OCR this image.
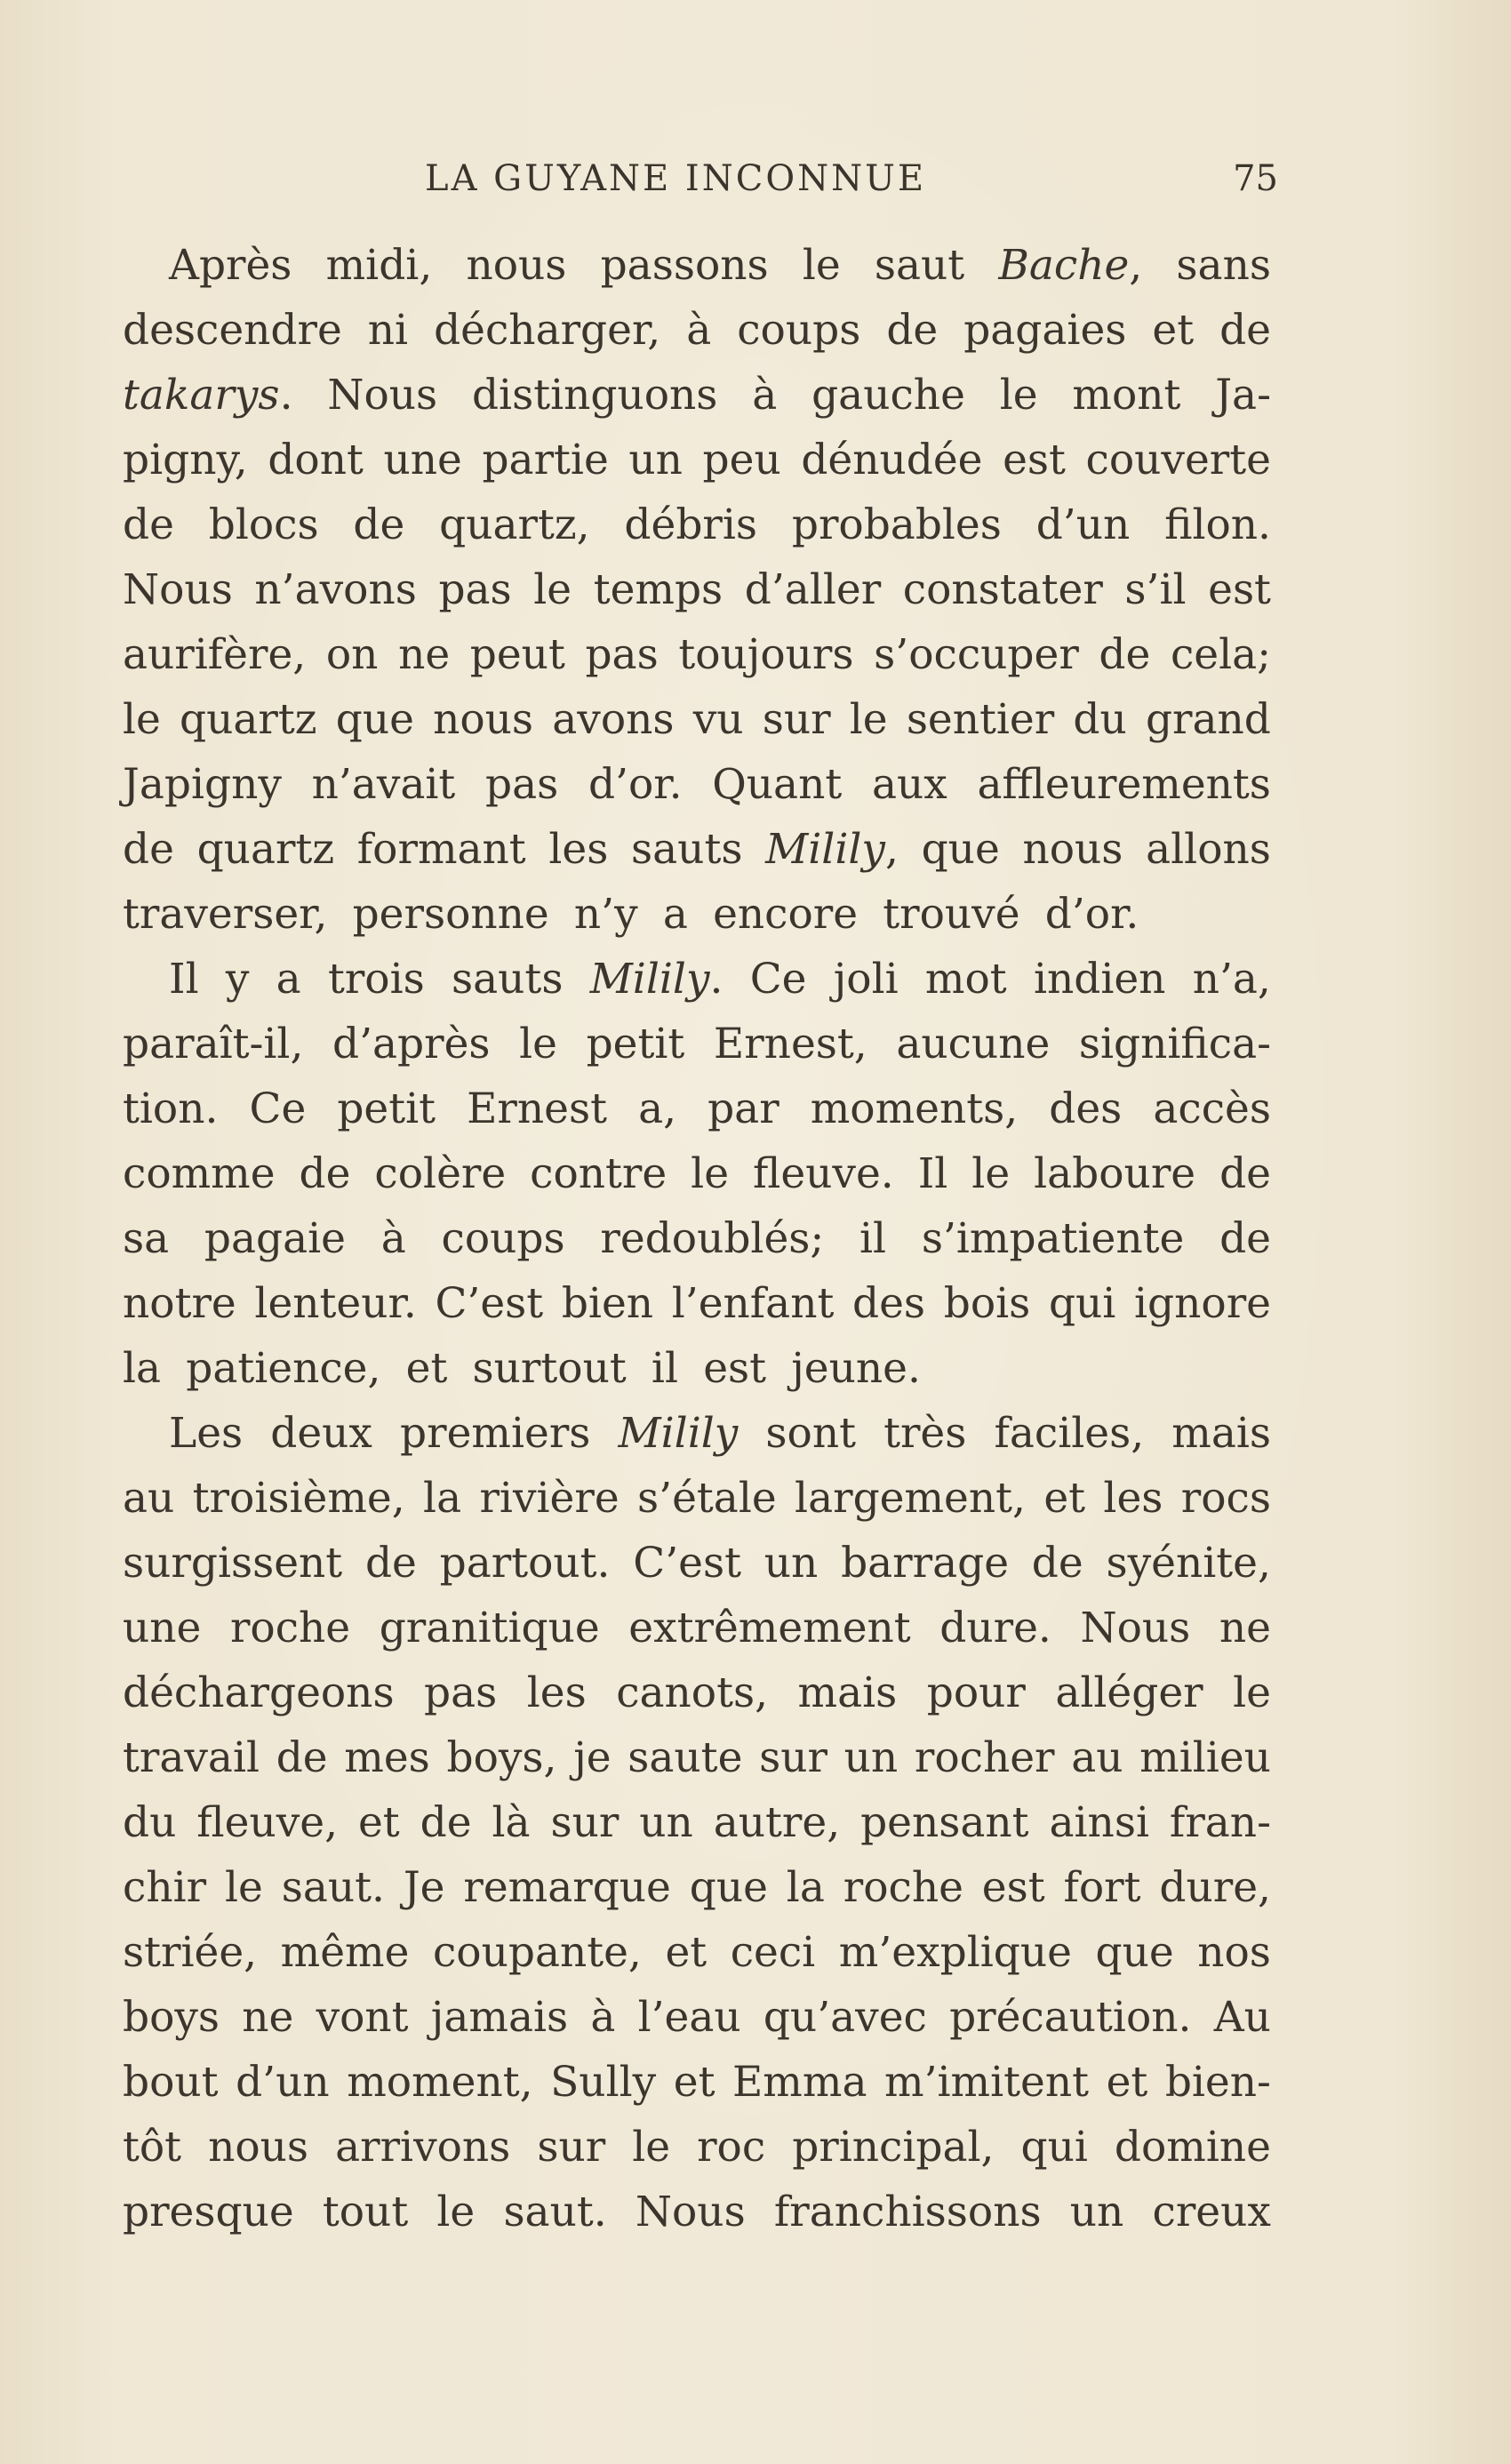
LA GUYANE INCONNUE	75
Après midi, nous passons le saut Bache, sans
descendre ni décharger, à coups de pagaies et de
takarys. Nous distinguons à gauche le mont Ja-
pigny, dont une partie un peu dénudée est couverte
de blocs de quartz, débris probables d’un filon.
Nous n’avons pas le temps d’aller constater s’il est
aurifère, on ne peut pas toujours s’occuper de cela;
le quartz que nous avons vu sur le sentier du grand
Japigny n’avait pas d’or. Quant aux affleurements
de quartz formant les sauts Milily, que nous allons
traverser, personne n’y a encore trouvé d’or.
Il y a trois sauts Milily. Ce joli mot indien n’a,
paraît-il, d’après le petit Ernest, aucune significa-
tion. Ce petit Ernest a, par moments, des accès
comme de colère contre le fleuve. Il le laboure de
sa pagaie à coups redoublés; il s’impatiente de
notre lenteur. C’est bien l’enfant des bois qui ignore
la patience, et surtout il est jeune.
Les deux premiers Milily sont très faciles, mais
au troisième, la rivière s’étale largement, et les rocs
surgissent de partout. C’est un barrage de syénite,
une roche granitique extrêmement dure. Nous ne
déchargeons pas les canots, mais pour alléger le
travail de mes boys, je saute sur un rocher au milieu
du fleuve, et de là sur un autre, pensant ainsi fran-
chir le saut. Je remarque que la roche est fort dure,
striée, même coupante, et ceci m’explique que nos
boys ne vont jamais à l’eau qu’avec précaution. Au
bout d’un moment, Sully et Emma m’imitent et bien-
tôt nous arrivons sur le roc principal, qui domine
presque tout le saut. Nous franchissons un creux
